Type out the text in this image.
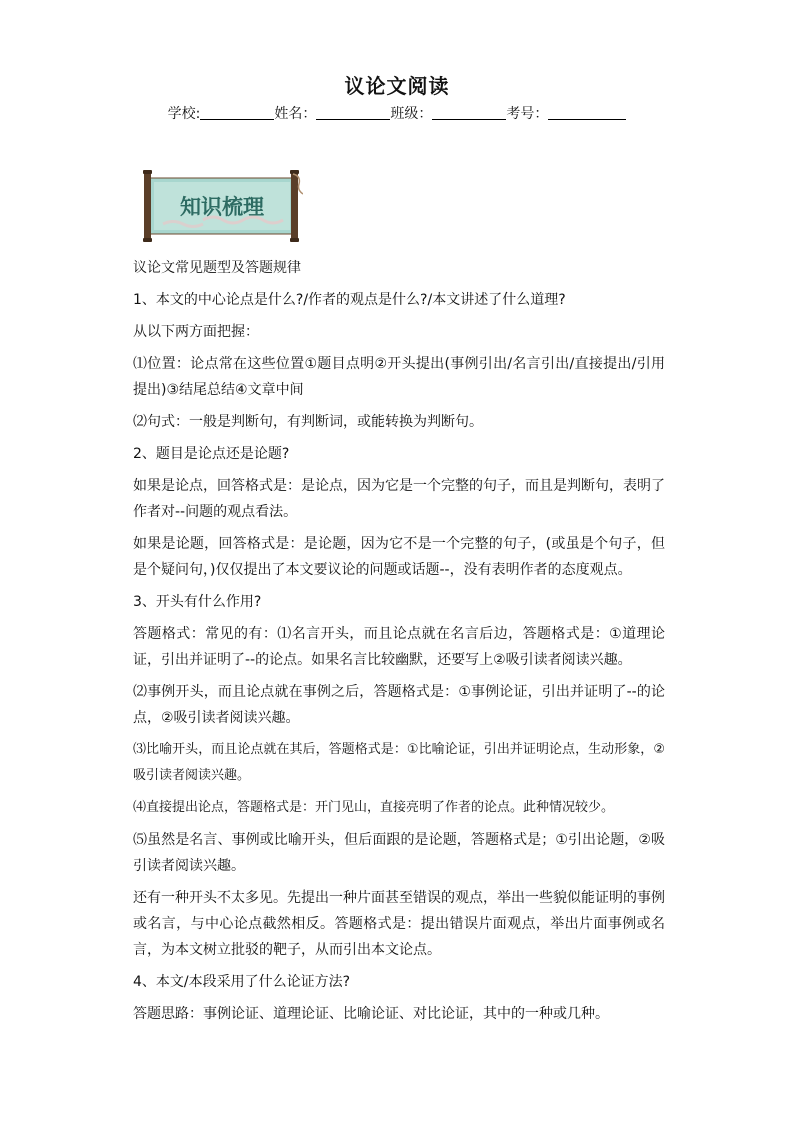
议论文阅读
学校:	姓名：	班级：	考号：
知识梳理

议论文常见题型及答题规律

1、本文的中心论点是什么?/作者的观点是什么?/本文讲述了什么道理?

从以下两方面把握：

⑴位置：论点常在这些位置①题目点明②开头提出(事例引出/名言引出/直接提出/引用提出)③结尾总结④文章中间

⑵句式：一般是判断句，有判断词，或能转换为判断句。

2、题目是论点还是论题?

如果是论点，回答格式是：是论点，因为它是一个完整的句子，而且是判断句，表明了作者对--问题的观点看法。

如果是论题，回答格式是：是论题，因为它不是一个完整的句子，(或虽是个句子，但是个疑问句，)仅仅提出了本文要议论的问题或话题--，没有表明作者的态度观点。

3、开头有什么作用?

答题格式：常见的有：⑴名言开头，而且论点就在名言后边，答题格式是：①道理论证，引出并证明了--的论点。如果名言比较幽默，还要写上②吸引读者阅读兴趣。

⑵事例开头，而且论点就在事例之后，答题格式是：①事例论证，引出并证明了--的论点，②吸引读者阅读兴趣。

⑶比喻开头，而且论点就在其后，答题格式是：①比喻论证，引出并证明论点，生动形象，②吸引读者阅读兴趣。

⑷直接提出论点，答题格式是：开门见山，直接亮明了作者的论点。此种情况较少。

⑸虽然是名言、事例或比喻开头，但后面跟的是论题，答题格式是；①引出论题，②吸引读者阅读兴趣。

还有一种开头不太多见。先提出一种片面甚至错误的观点，举出一些貌似能证明的事例或名言，与中心论点截然相反。答题格式是：提出错误片面观点，举出片面事例或名言，为本文树立批驳的靶子，从而引出本文论点。

4、本文/本段采用了什么论证方法?

答题思路：事例论证、道理论证、比喻论证、对比论证，其中的一种或几种。
